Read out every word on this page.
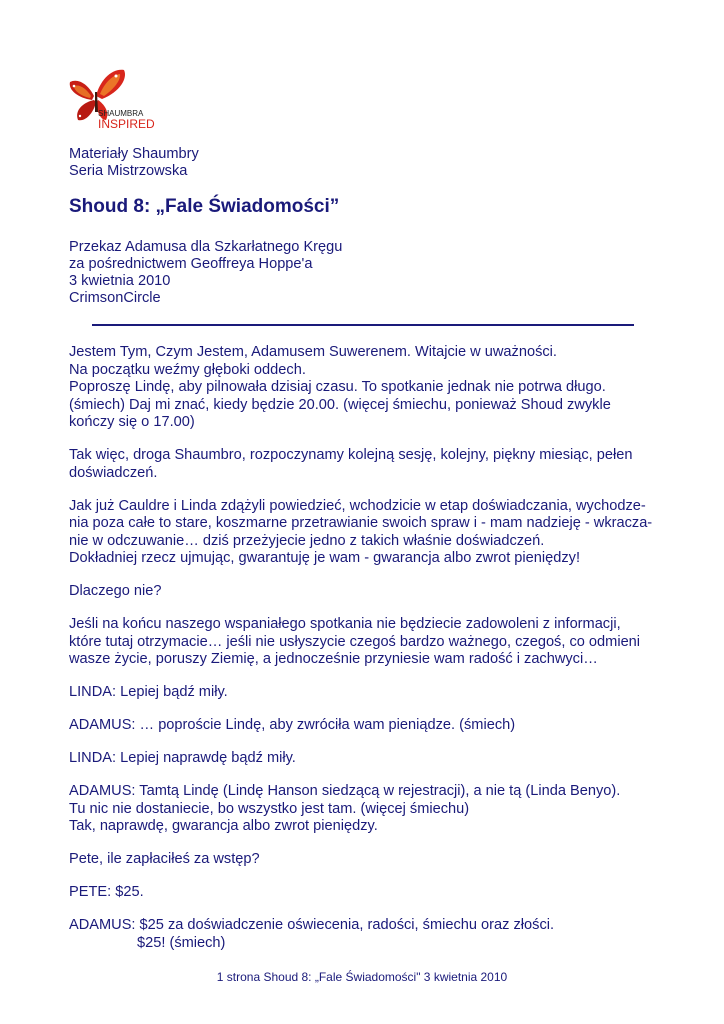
SHAUMBRA
INSPIRED
Materiały Shaumbry
Seria Mistrzowska
Shoud 8: „Fale Świadomości”
Przekaz Adamusa dla Szkarłatnego Kręgu
za pośrednictwem Geoffreya Hoppe'a
3 kwietnia 2010
CrimsonCircle
Jestem Tym, Czym Jestem, Adamusem Suwerenem. Witajcie w uważności.
Na początku weźmy głęboki oddech.
Poproszę Lindę, aby pilnowała dzisiaj czasu. To spotkanie jednak nie potrwa długo.
(śmiech) Daj mi znać, kiedy będzie 20.00. (więcej śmiechu, ponieważ Shoud zwykle
kończy się o 17.00)
Tak więc, droga Shaumbro, rozpoczynamy kolejną sesję, kolejny, piękny miesiąc, pełen
doświadczeń.
Jak już Cauldre i Linda zdążyli powiedzieć, wchodzicie w etap doświadczania, wychodze-
nia poza całe to stare, koszmarne przetrawianie swoich spraw i - mam nadzieję - wkracza-
nie w odczuwanie… dziś przeżyjecie jedno z takich właśnie doświadczeń.
Dokładniej rzecz ujmując, gwarantuję je wam - gwarancja albo zwrot pieniędzy!
Dlaczego nie?
Jeśli na końcu naszego wspaniałego spotkania nie będziecie zadowoleni z informacji,
które tutaj otrzymacie… jeśli nie usłyszycie czegoś bardzo ważnego, czegoś, co odmieni
wasze życie, poruszy Ziemię, a jednocześnie przyniesie wam radość i zachwyci…
LINDA: Lepiej bądź miły.
ADAMUS: … poproście Lindę, aby zwróciła wam pieniądze. (śmiech)
LINDA: Lepiej naprawdę bądź miły.
ADAMUS: Tamtą Lindę (Lindę Hanson siedzącą w rejestracji), a nie tą (Linda Benyo).
Tu nic nie dostaniecie, bo wszystko jest tam. (więcej śmiechu)
Tak, naprawdę, gwarancja albo zwrot pieniędzy.
Pete, ile zapłaciłeś za wstęp?
PETE: $25.
ADAMUS: $25 za doświadczenie oświecenia, radości, śmiechu oraz złości.
$25! (śmiech)
1 strona Shoud 8: „Fale Świadomości" 3 kwietnia 2010
